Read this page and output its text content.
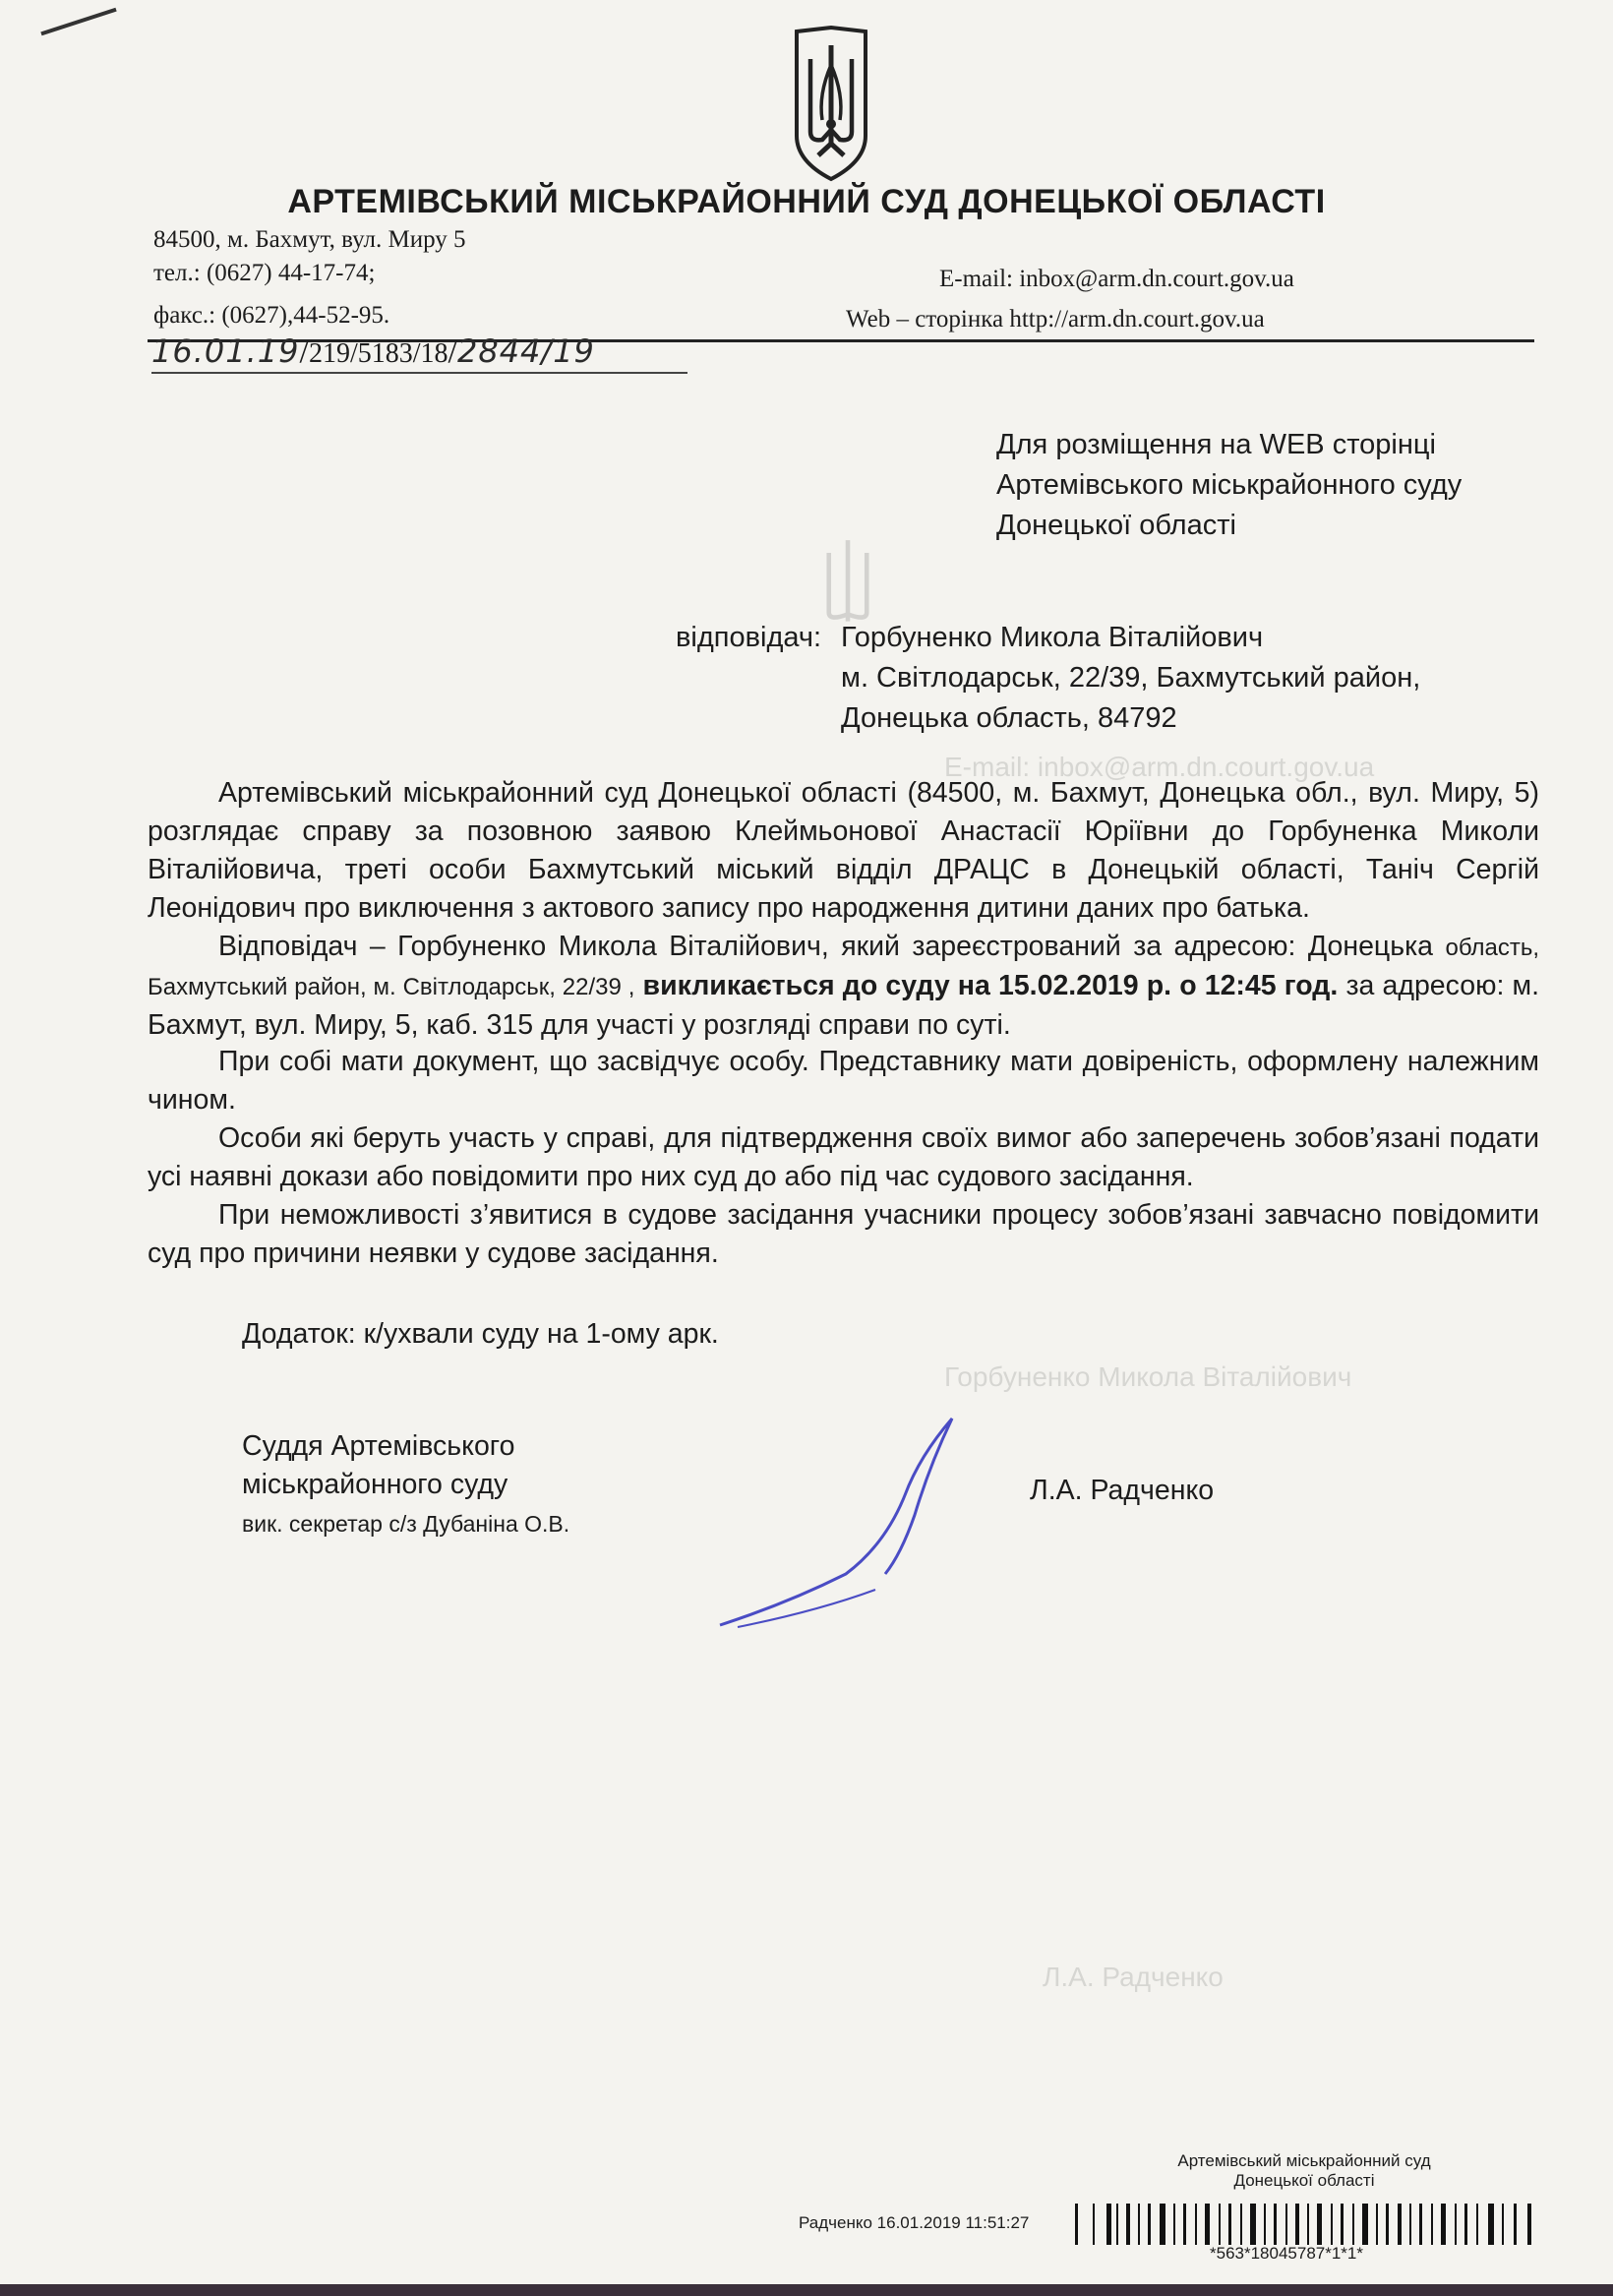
АРТЕМІВСЬКИЙ МІСЬКРАЙОННИЙ СУД ДОНЕЦЬКОЇ ОБЛАСТІ
84500, м. Бахмут, вул. Миру 5
тел.: (0627) 44-17-74;
факс.: (0627),44-52-95.
E-mail: inbox@arm.dn.court.gov.ua
Web – сторінка http://arm.dn.court.gov.ua
16.01.19/219/5183/18/2844/19
Для розміщення на WEB сторінці
Артемівського міськрайонного суду
Донецької області
відповідач: Горбуненко Микола Віталійович
м. Світлодарськ, 22/39, Бахмутський район,
Донецька область, 84792
Е-mail: inbox@arm.dn.court.gov.ua
Горбуненко Микола Віталійович
Л.А. Радченко
Артемівський міськрайонний суд Донецької області (84500, м. Бахмут, Донецька обл., вул. Миру, 5) розглядає справу за позовною заявою Клеймьонової Анастасії Юріївни до Горбуненка Миколи Віталійовича, треті особи Бахмутський міський відділ ДРАЦС в Донецькій області, Таніч Сергій Леонідович про виключення з актового запису про народження дитини даних про батька.
Відповідач – Горбуненко Микола Віталійович, який зареєстрований за адресою: Донецька область, Бахмутський район, м. Світлодарськ, 22/39 , викликається до суду на 15.02.2019 р. о 12:45 год. за адресою: м. Бахмут, вул. Миру, 5, каб. 315 для участі у розгляді справи по суті.
При собі мати документ, що засвідчує особу. Представнику мати довіреність, оформлену належним чином.
Особи які беруть участь у справі, для підтвердження своїх вимог або заперечень зобов’язані подати усі наявні докази або повідомити про них суд до або під час судового засідання.
При неможливості з’явитися в судове засідання учасники процесу зобов’язані завчасно повідомити суд про причини неявки у судове засідання.
Додаток: к/ухвали суду на 1-ому арк.
Суддя Артемівського
міськрайонного суду
вик. секретар с/з Дубаніна О.В.
Л.А. Радченко
Артемівський міськрайонний суд
Донецької області
Радченко 16.01.2019 11:51:27
*563*18045787*1*1*
